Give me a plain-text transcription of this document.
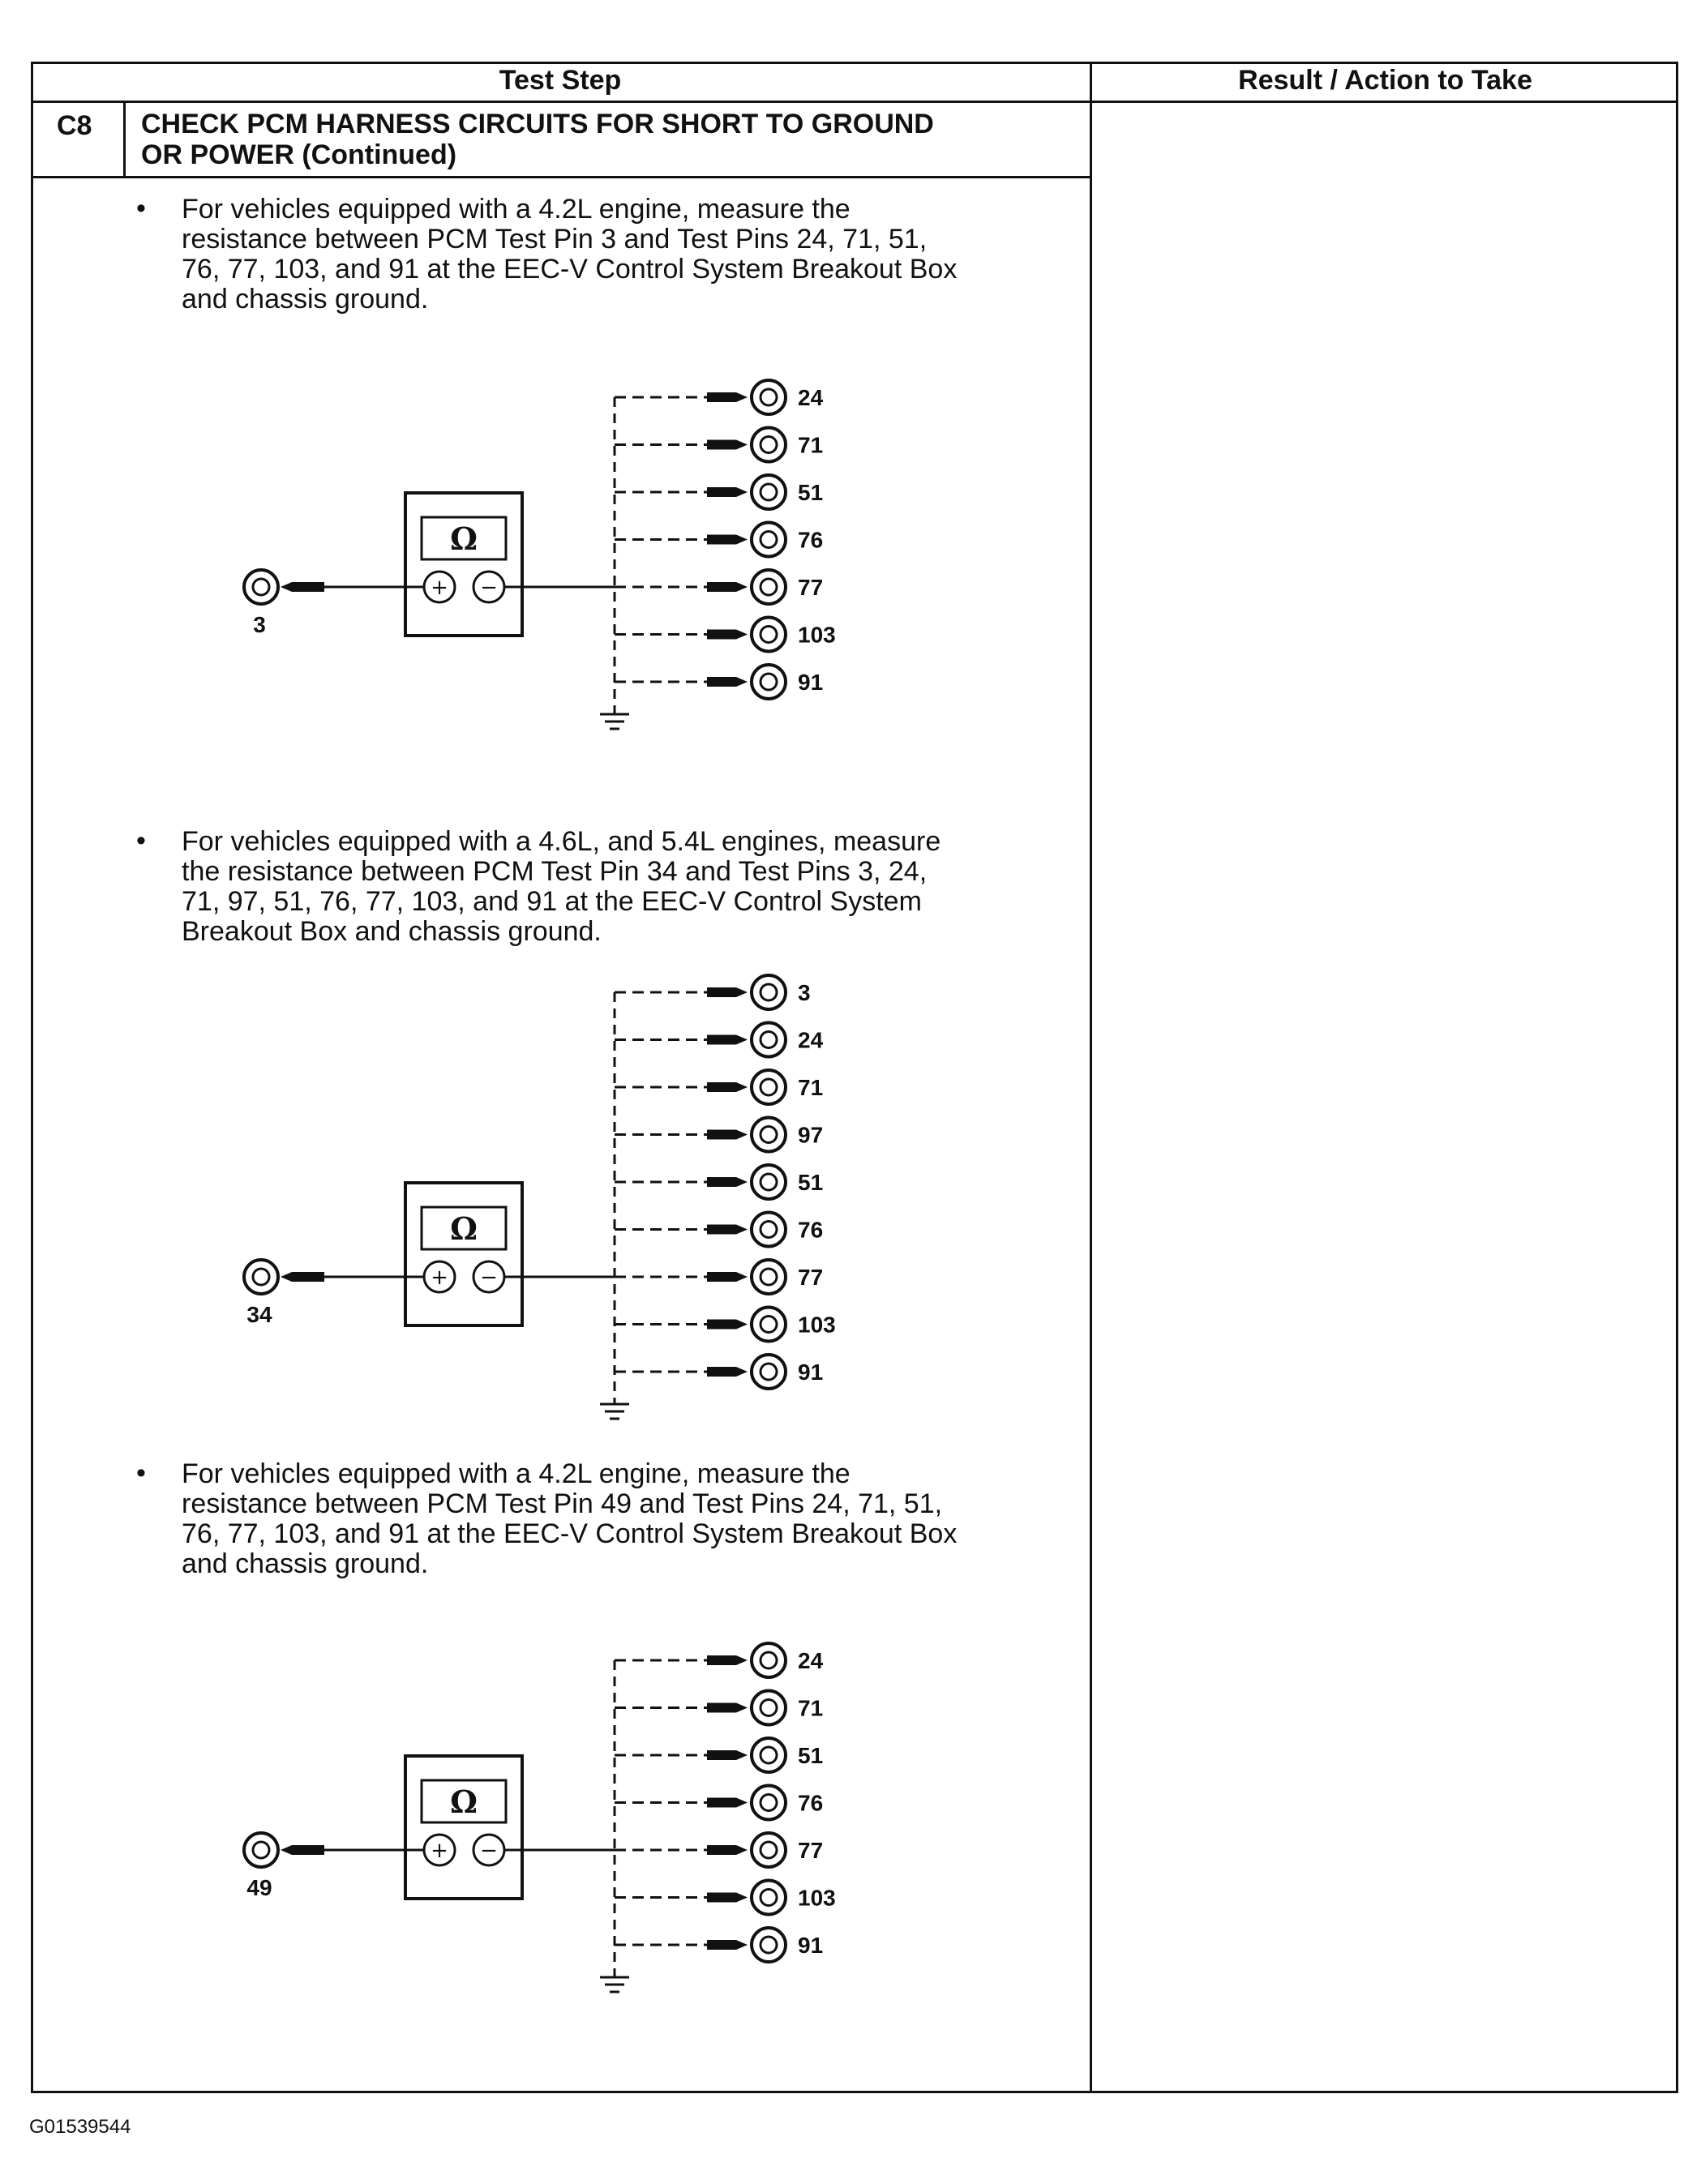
Test Step	Result / Action to Take
C8 CHECK PCM HARNESS CIRCUITS FOR SHORT TO GROUND
OR POWER (Continued)
• For vehicles equipped with a 4.2L engine, measure the
resistance between PCM Test Pin 3 and Test Pins 24, 71, 51,
76, 77, 103, and 91 at the EEC-V Control System Breakout Box
and chassis ground.
• For vehicles equipped with a 4.6L, and 5.4L engines, measure
the resistance between PCM Test Pin 34 and Test Pins 3, 24,
71, 97, 51, 76, 77, 103, and 91 at the EEC-V Control System
Breakout Box and chassis ground.
• For vehicles equipped with a 4.2L engine, measure the
resistance between PCM Test Pin 49 and Test Pins 24, 71, 51,
76, 77, 103, and 91 at the EEC-V Control System Breakout Box
and chassis ground.
24
71
51
76
77
103
91
Ω
+ −
3
3
24
71
97
51
76
77
103
91
Ω
+ −
34
24
71
51
76
77
103
91
Ω
+ −
49
G01539544
